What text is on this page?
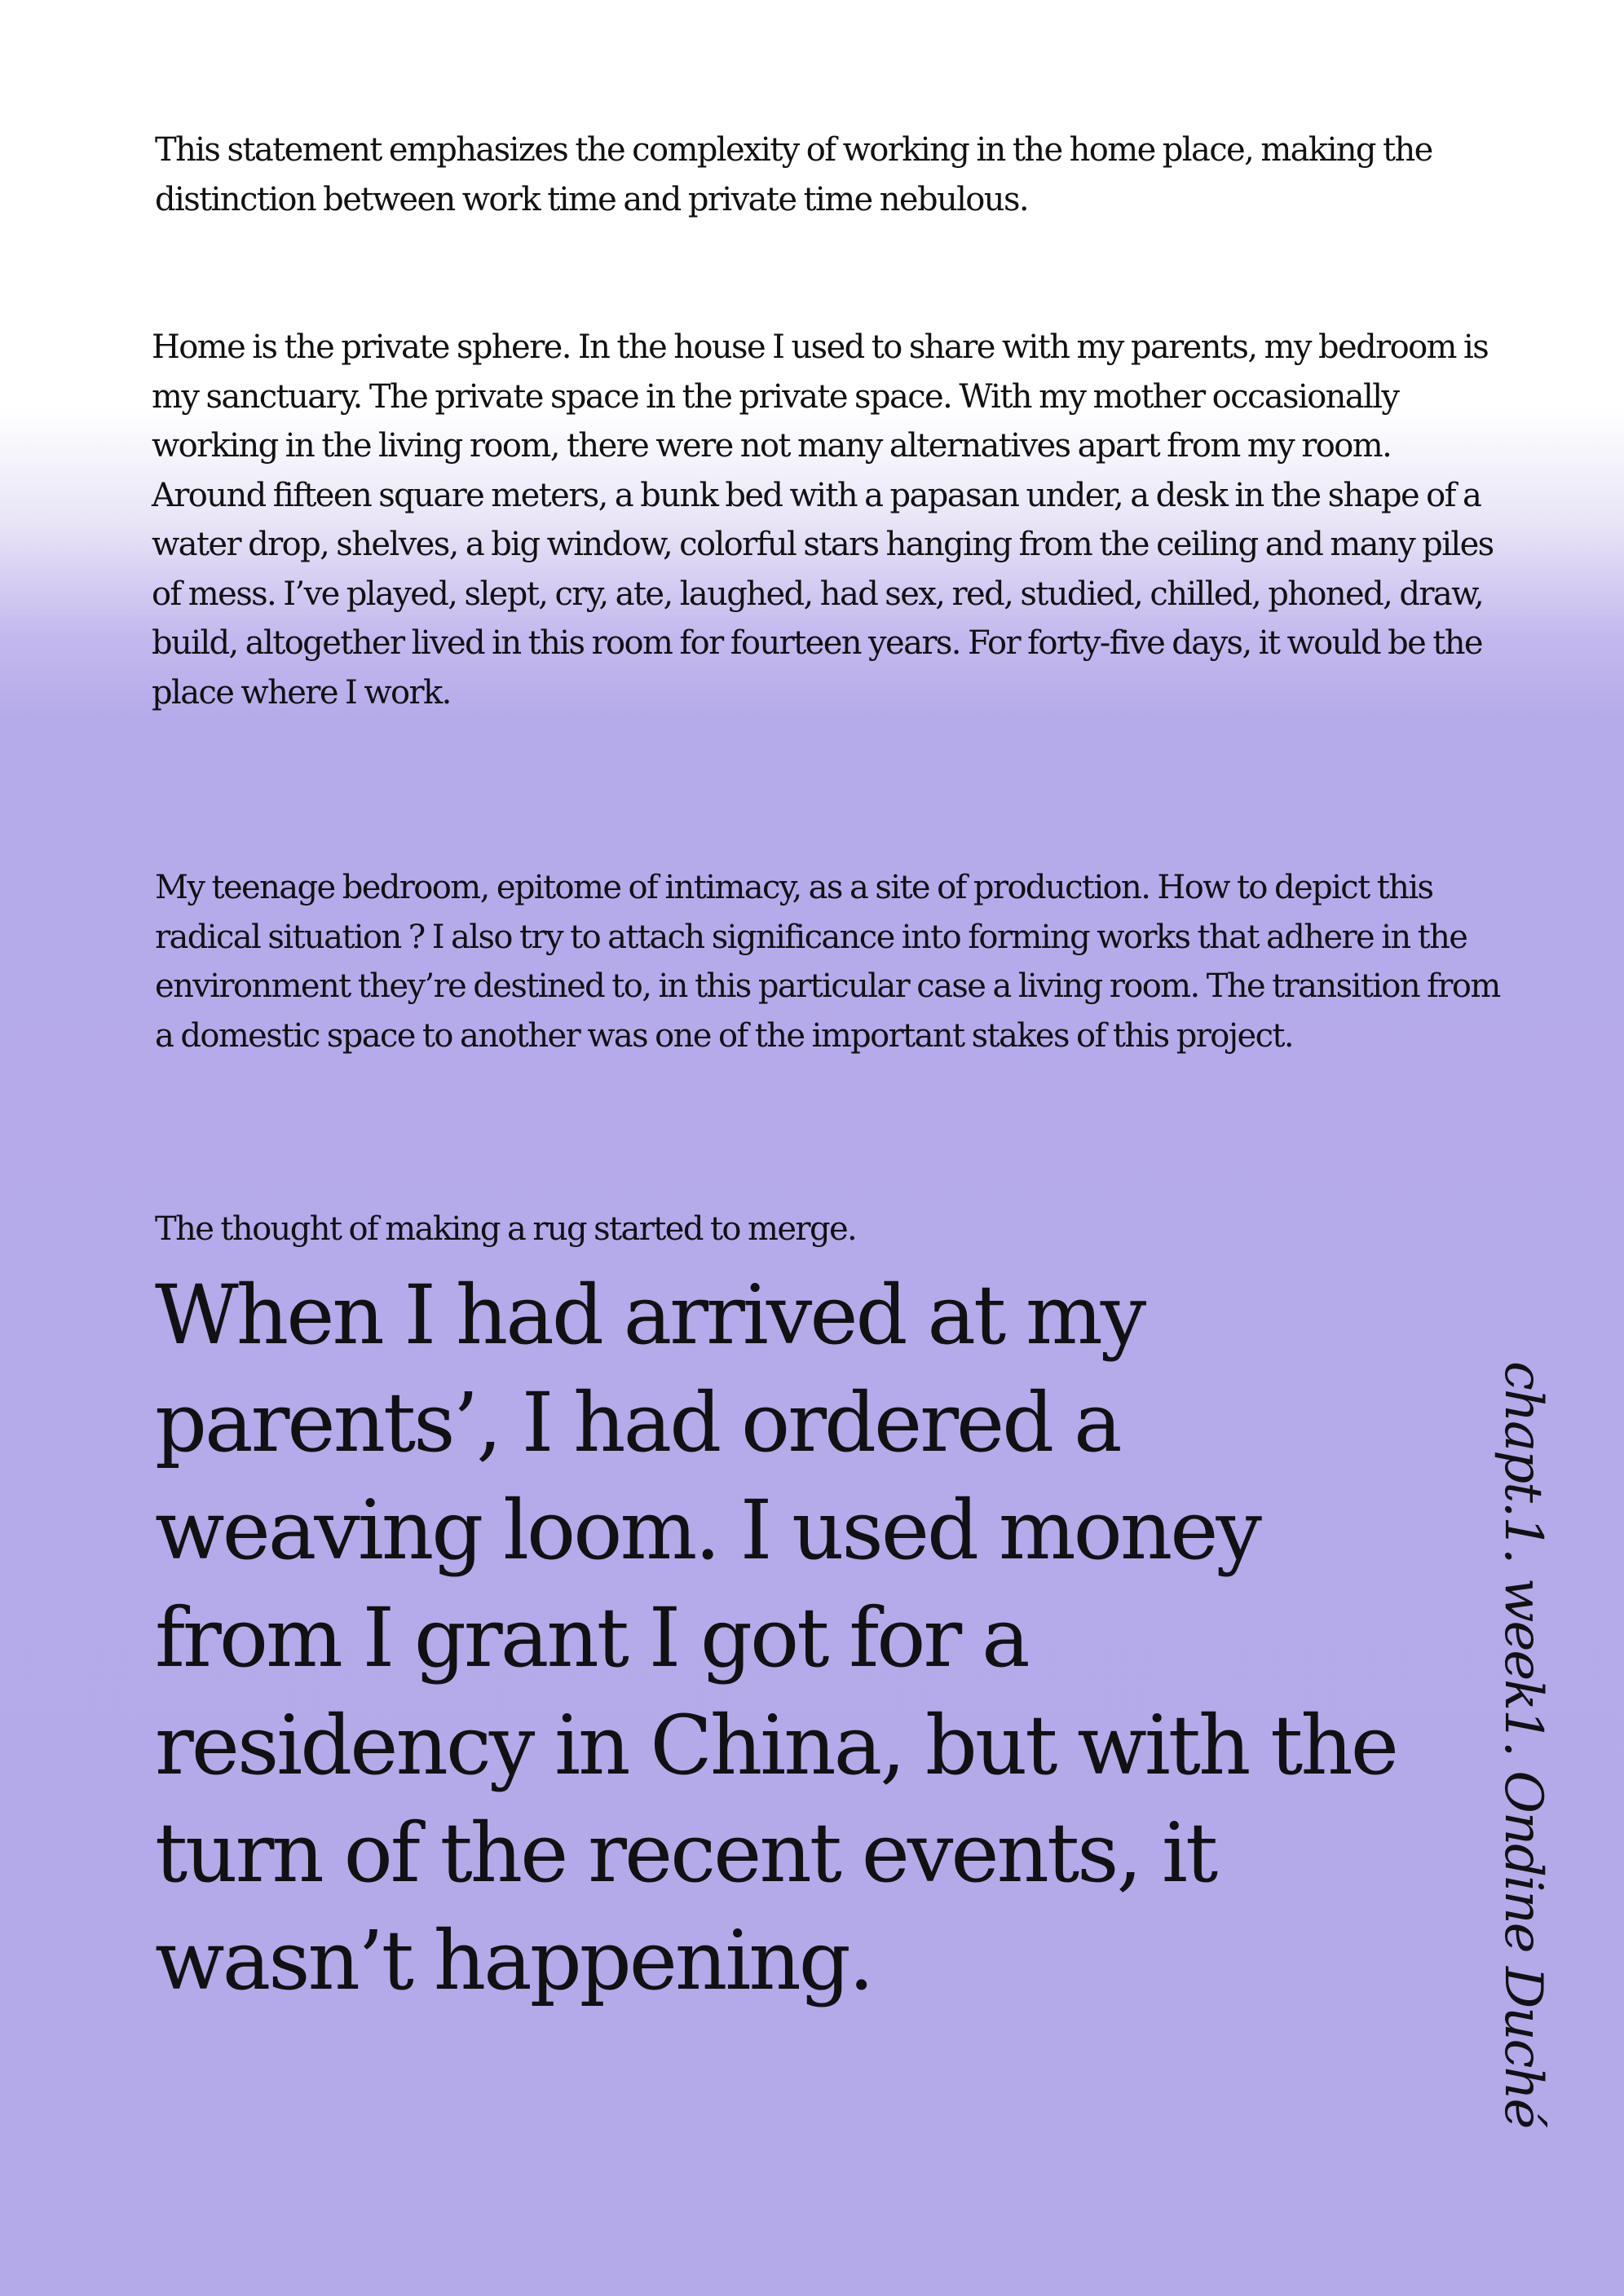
This statement emphasizes the complexity of working in the home place, making the distinction between work time and private time nebulous.

Home is the private sphere. In the house I used to share with my parents, my bedroom is my sanctuary. The private space in the private space. With my mother occasionally working in the living room, there were not many alternatives apart from my room. Around fifteen square meters, a bunk bed with a papasan under, a desk in the shape of a water drop, shelves, a big window, colorful stars hanging from the ceiling and many piles of mess. I’ve played, slept, cry, ate, laughed, had sex, red, studied, chilled, phoned, draw, build, altogether lived in this room for fourteen years. For forty-five days, it would be the place where I work.

My teenage bedroom, epitome of intimacy, as a site of production. How to depict this radical situation ? I also try to attach significance into forming works that adhere in the environment they’re destined to, in this particular case a living room. The transition from a domestic space to another was one of the important stakes of this project.

The thought of making a rug started to merge.

When I had arrived at my parents’, I had ordered a weaving loom. I used money from I grant I got for a residency in China, but with the turn of the recent events, it wasn’t happening.	chapt.1. week1. Ondine Duché
